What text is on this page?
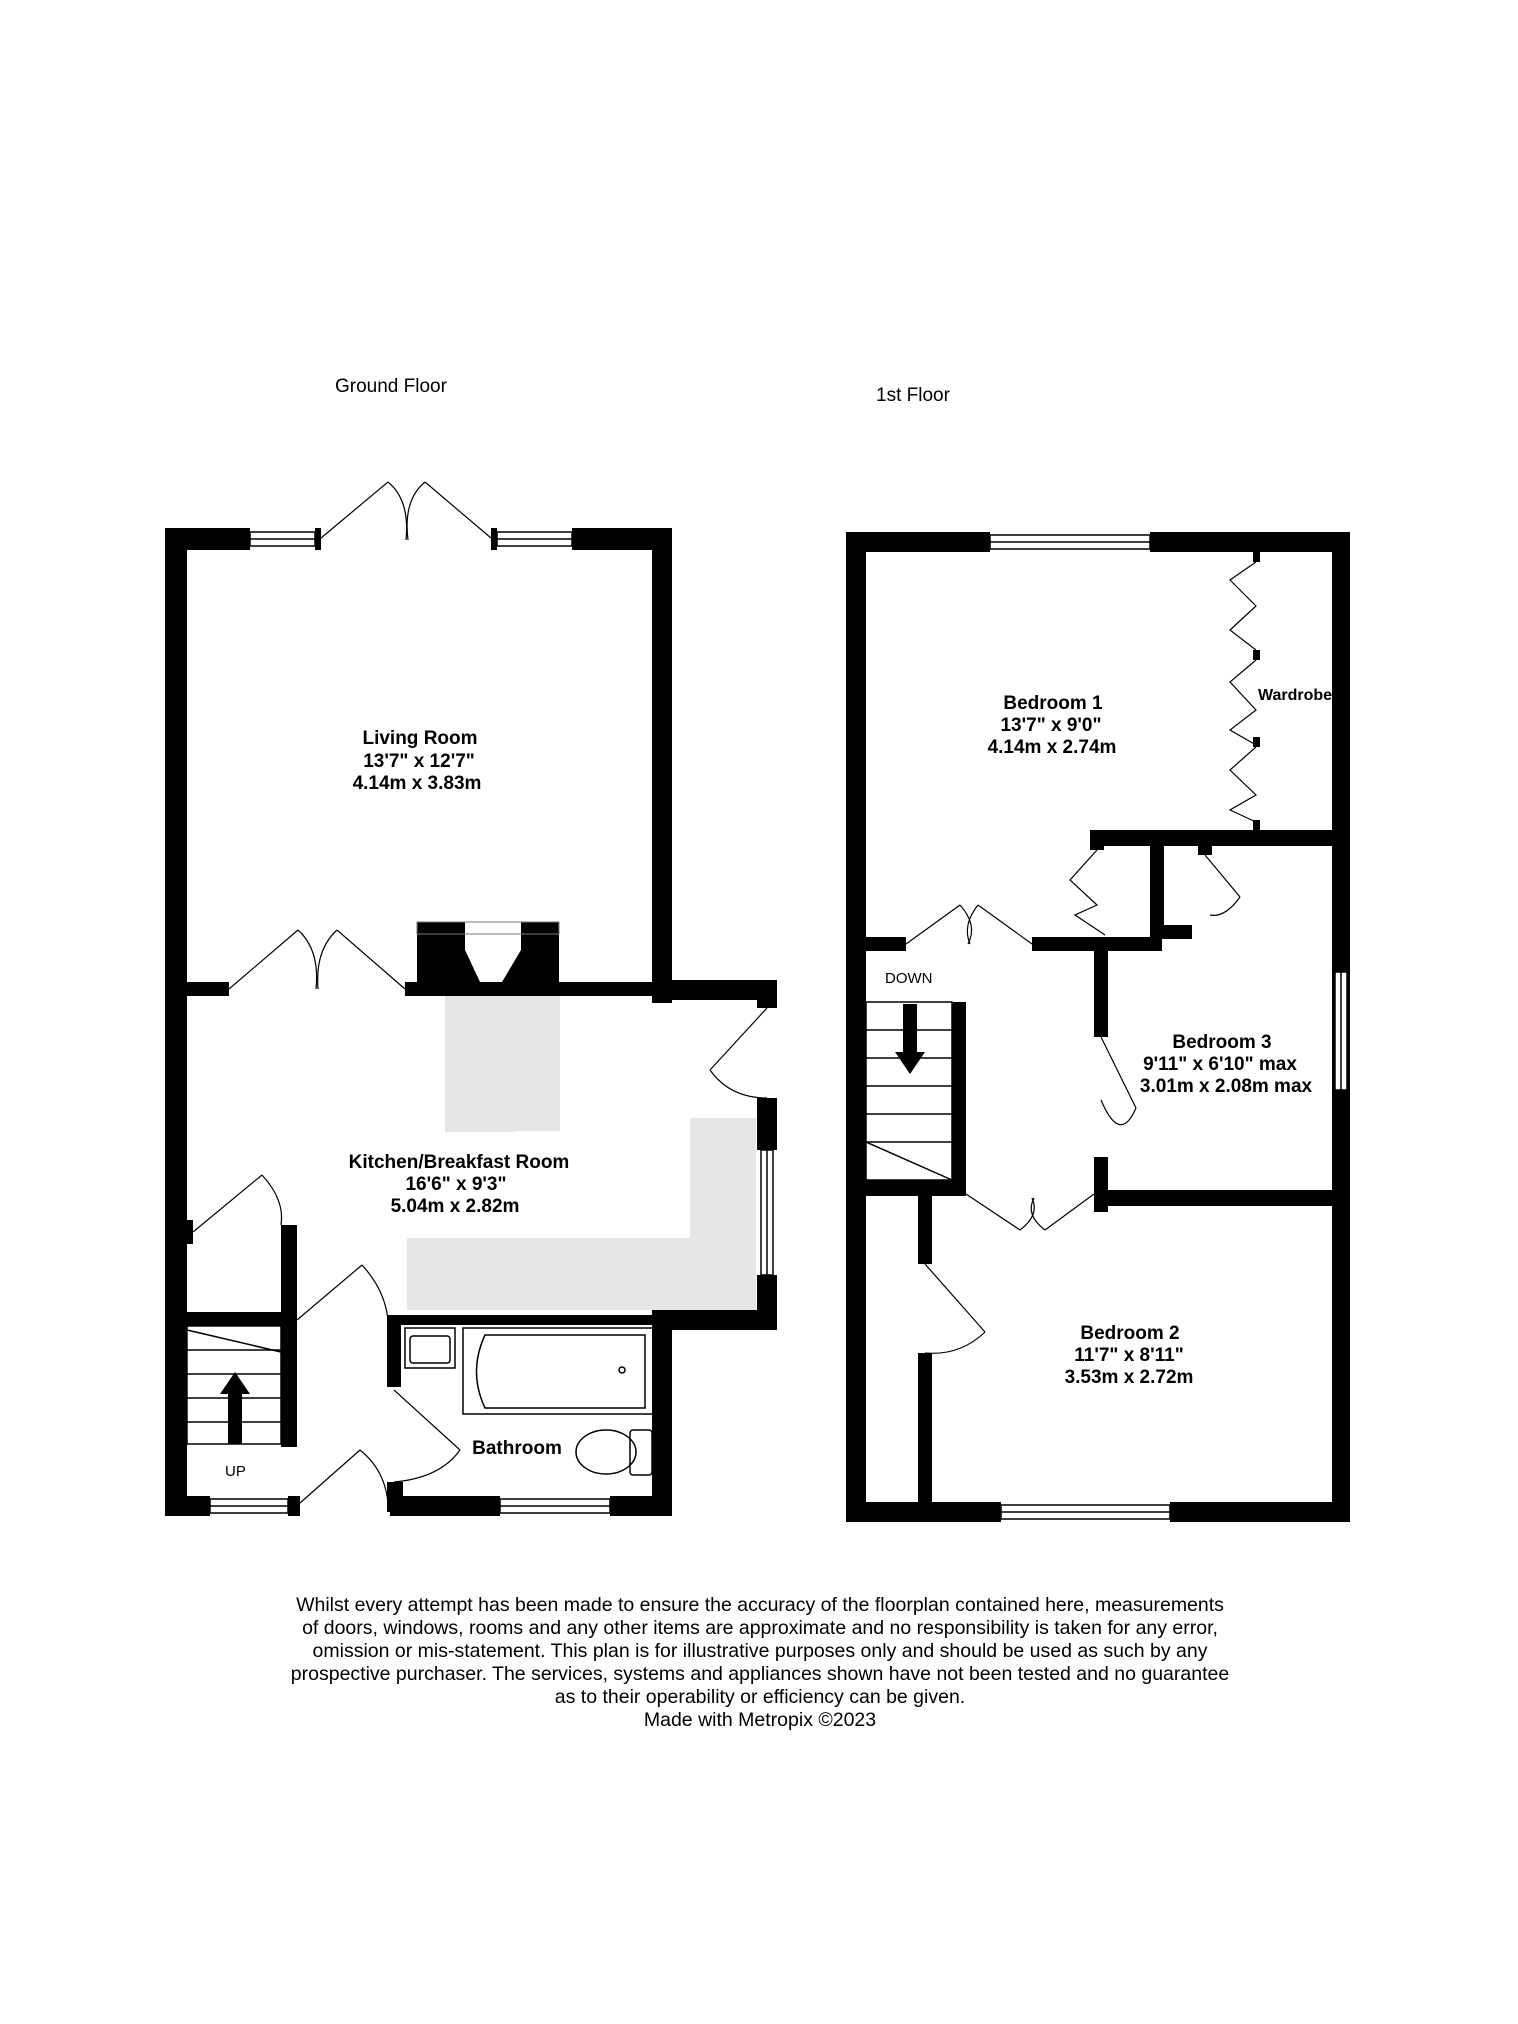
Ground Floor	1st Floor
UP
DOWN
Living Room
13'7" x 12'7"
4.14m x 3.83m
Kitchen/Breakfast Room
16'6" x 9'3"
5.04m x 2.82m
Bathroom
Bedroom 1
13'7" x 9'0"
4.14m x 2.74m
Wardrobe
Bedroom 3
9'11" x 6'10" max
3.01m x 2.08m max
Bedroom 2
11'7" x 8'11"
3.53m x 2.72m
Whilst every attempt has been made to ensure the accuracy of the floorplan contained here, measurements
of doors, windows, rooms and any other items are approximate and no responsibility is taken for any error,
omission or mis-statement. This plan is for illustrative purposes only and should be used as such by any
prospective purchaser. The services, systems and appliances shown have not been tested and no guarantee
as to their operability or efficiency can be given.
Made with Metropix ©2023
